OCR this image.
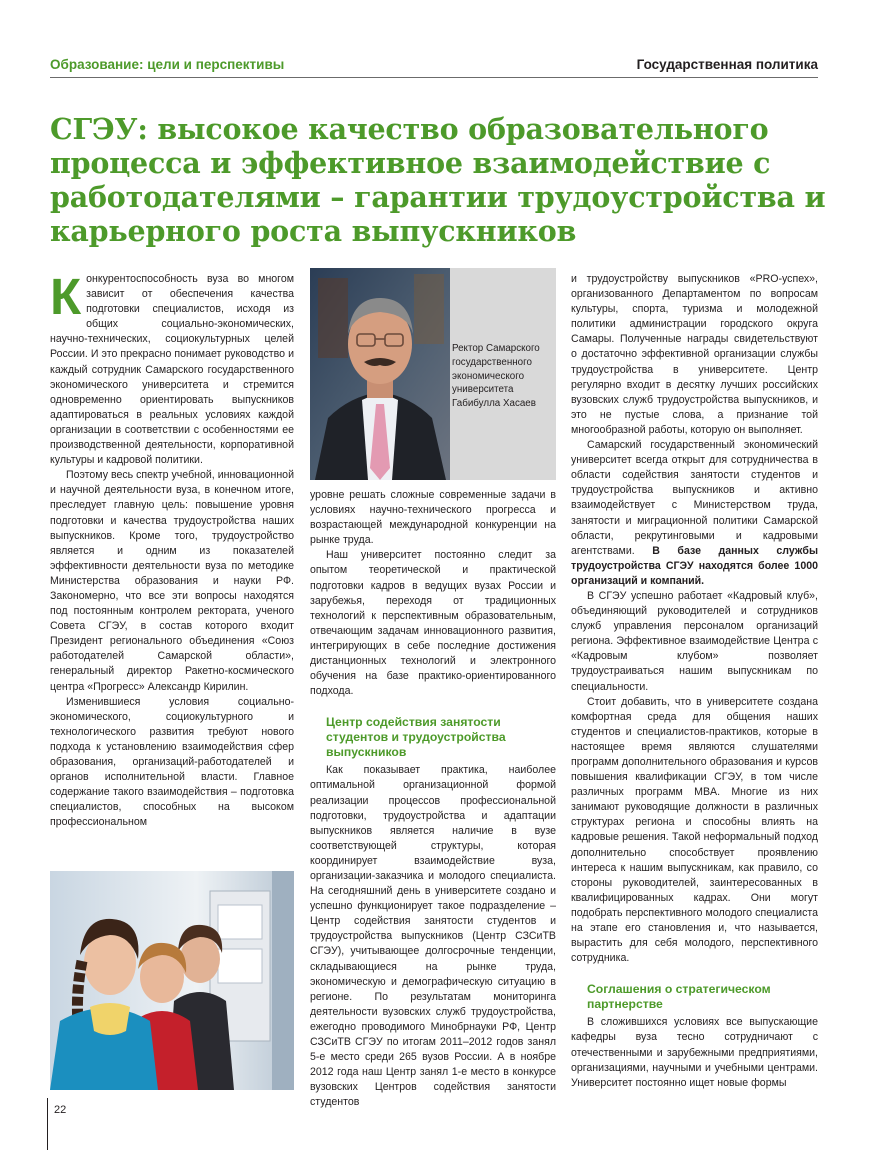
Образование: цели и перспективы	Государственная политика
СГЭУ: высокое качество образовательного процесса и эффективное взаимодействие с работодателями – гарантии трудоустройства и карьерного роста выпускников

Конкурентоспособность вуза во многом зависит от обеспечения качества подготовки специалистов, исходя из общих социально-экономических, научно-технических, социокультурных целей России. И это прекрасно понимает руководство и каждый сотрудник Самарского государственного экономического университета и стремится одновременно ориентировать выпускников адаптироваться в реальных условиях каждой организации в соответствии с особенностями ее производственной деятельности, корпоративной культуры и кадровой политики.

Поэтому весь спектр учебной, инновационной и научной деятельности вуза, в конечном итоге, преследует главную цель: повышение уровня подготовки и качества трудоустройства наших выпускников. Кроме того, трудоустройство является и одним из показателей эффективности деятельности вуза по методике Министерства образования и науки РФ. Закономерно, что все эти вопросы находятся под постоянным контролем ректората, ученого Совета СГЭУ, в состав которого входит Президент регионального объединения «Союз работодателей Самарской области», генеральный директор Ракетно-космического центра «Прогресс» Александр Кирилин.

Изменившиеся условия социально-экономического, социокультурного и технологического развития требуют нового подхода к установлению взаимодействия сфер образования, организаций-работодателей и органов исполнительной власти. Главное содержание такого взаимодействия – подготовка специалистов, способных на высоком профессиональном

Ректор Самарского государственного экономического университета Габибулла Хасаев

уровне решать сложные современные задачи в условиях научно-технического прогресса и возрастающей международной конкуренции на рынке труда.

Наш университет постоянно следит за опытом теоретической и практической подготовки кадров в ведущих вузах России и зарубежья, переходя от традиционных технологий к перспективным образовательным, отвечающим задачам инновационного развития, интегрирующих в себе последние достижения дистанционных технологий и электронного обучения на базе практико-ориентированного подхода.

Центр содействия занятости студентов и трудоустройства выпускников

Как показывает практика, наиболее оптимальной организационной формой реализации процессов профессиональной подготовки, трудоустройства и адаптации выпускников является наличие в вузе соответствующей структуры, которая координирует взаимодействие вуза, организации-заказчика и молодого специалиста. На сегодняшний день в университете создано и успешно функционирует такое подразделение – Центр содействия занятости студентов и трудоустройства выпускников (Центр СЗСиТВ СГЭУ), учитывающее долгосрочные тенденции, складывающиеся на рынке труда, экономическую и демографическую ситуацию в регионе. По результатам мониторинга деятельности вузовских служб трудоустройства, ежегодно проводимого Минобрнауки РФ, Центр СЗСиТВ СГЭУ по итогам 2011–2012 годов занял 5-е место среди 265 вузов России. А в ноябре 2012 года наш Центр занял 1-е место в конкурсе вузовских Центров содействия занятости студентов

и трудоустройству выпускников «PRO-успех», организованного Департаментом по вопросам культуры, спорта, туризма и молодежной политики администрации городского округа Самары. Полученные награды свидетельствуют о достаточно эффективной организации службы трудоустройства в университете. Центр регулярно входит в десятку лучших российских вузовских служб трудоустройства выпускников, и это не пустые слова, а признание той многообразной работы, которую он выполняет.

Самарский государственный экономический университет всегда открыт для сотрудничества в области содействия занятости студентов и трудоустройства выпускников и активно взаимодействует с Министерством труда, занятости и миграционной политики Самарской области, рекрутинговыми и кадровыми агентствами. В базе данных службы трудоустройства СГЭУ находятся более 1000 организаций и компаний.

В СГЭУ успешно работает «Кадровый клуб», объединяющий руководителей и сотрудников служб управления персоналом организаций региона. Эффективное взаимодействие Центра с «Кадровым клубом» позволяет трудоустраиваться нашим выпускникам по специальности.

Стоит добавить, что в университете создана комфортная среда для общения наших студентов и специалистов-практиков, которые в настоящее время являются слушателями программ дополнительного образования и курсов повышения квалификации СГЭУ, в том числе различных программ MBA. Многие из них занимают руководящие должности в различных структурах региона и способны влиять на кадровые решения. Такой неформальный подход дополнительно способствует проявлению интереса к нашим выпускникам, как правило, со стороны руководителей, заинтересованных в квалифицированных кадрах. Они могут подобрать перспективного молодого специалиста на этапе его становления и, что называется, вырастить для себя молодого, перспективного сотрудника.

Соглашения о стратегическом партнерстве

В сложившихся условиях все выпускающие кафедры вуза тесно сотрудничают с отечественными и зарубежными предприятиями, организациями, научными и учебными центрами. Университет постоянно ищет новые формы

22
